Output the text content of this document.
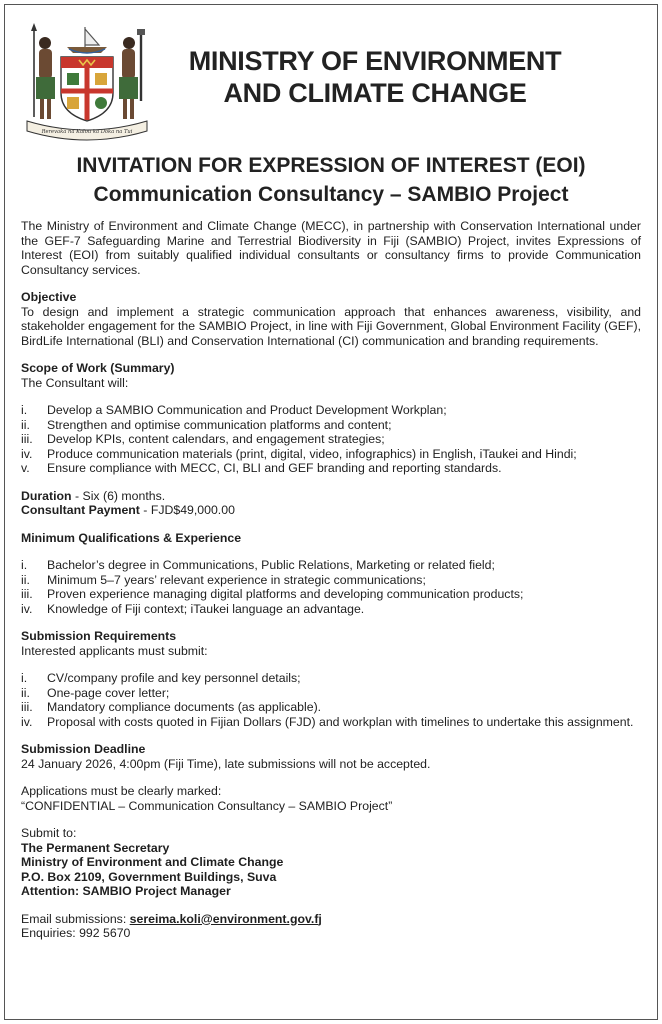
Rerevaka na Kalou ka Doka na Tui
MINISTRY OF ENVIRONMENT
AND CLIMATE CHANGE
INVITATION FOR EXPRESSION OF INTEREST (EOI)
Communication Consultancy – SAMBIO Project

The Ministry of Environment and Climate Change (MECC), in partnership with Conservation International under the GEF-7 Safeguarding Marine and Terrestrial Biodiversity in Fiji (SAMBIO) Project, invites Expressions of Interest (EOI) from suitably qualified individual consultants or consultancy firms to provide Communication Consultancy services.

Objective

To design and implement a strategic communication approach that enhances awareness, visibility, and stakeholder engagement for the SAMBIO Project, in line with Fiji Government, Global Environment Facility (GEF), BirdLife International (BLI) and Conservation International (CI) communication and branding requirements.

Scope of Work (Summary)
The Consultant will:
i. Develop a SAMBIO Communication and Product Development Workplan;
ii. Strengthen and optimise communication platforms and content;
iii. Develop KPIs, content calendars, and engagement strategies;
iv. Produce communication materials (print, digital, video, infographics) in English, iTaukei and Hindi;
v. Ensure compliance with MECC, CI, BLI and GEF branding and reporting standards.
Duration - Six (6) months.
Consultant Payment - FJD$49,000.00
Minimum Qualifications & Experience
i. Bachelor’s degree in Communications, Public Relations, Marketing or related field;
ii. Minimum 5–7 years’ relevant experience in strategic communications;
iii. Proven experience managing digital platforms and developing communication products;
iv. Knowledge of Fiji context; iTaukei language an advantage.
Submission Requirements
Interested applicants must submit:
i. CV/company profile and key personnel details;
ii. One-page cover letter;
iii. Mandatory compliance documents (as applicable).
iv. Proposal with costs quoted in Fijian Dollars (FJD) and workplan with timelines to undertake this assignment.
Submission Deadline
24 January 2026, 4:00pm (Fiji Time), late submissions will not be accepted.
Applications must be clearly marked:
“CONFIDENTIAL – Communication Consultancy – SAMBIO Project”
Submit to:
The Permanent Secretary
Ministry of Environment and Climate Change
P.O. Box 2109, Government Buildings, Suva
Attention: SAMBIO Project Manager
Email submissions: sereima.koli@environment.gov.fj
Enquiries: 992 5670
